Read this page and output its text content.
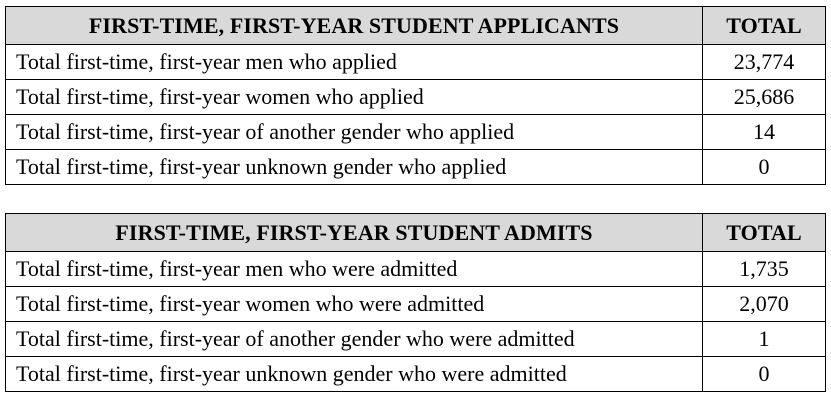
FIRST-TIME, FIRST-YEAR STUDENT APPLICANTS	TOTAL
Total first-time, first-year men who applied	23,774
Total first-time, first-year women who applied	25,686
Total first-time, first-year of another gender who applied	14
Total first-time, first-year unknown gender who applied	0
FIRST-TIME, FIRST-YEAR STUDENT ADMITS	TOTAL
Total first-time, first-year men who were admitted	1,735
Total first-time, first-year women who were admitted	2,070
Total first-time, first-year of another gender who were admitted	1
Total first-time, first-year unknown gender who were admitted	0
